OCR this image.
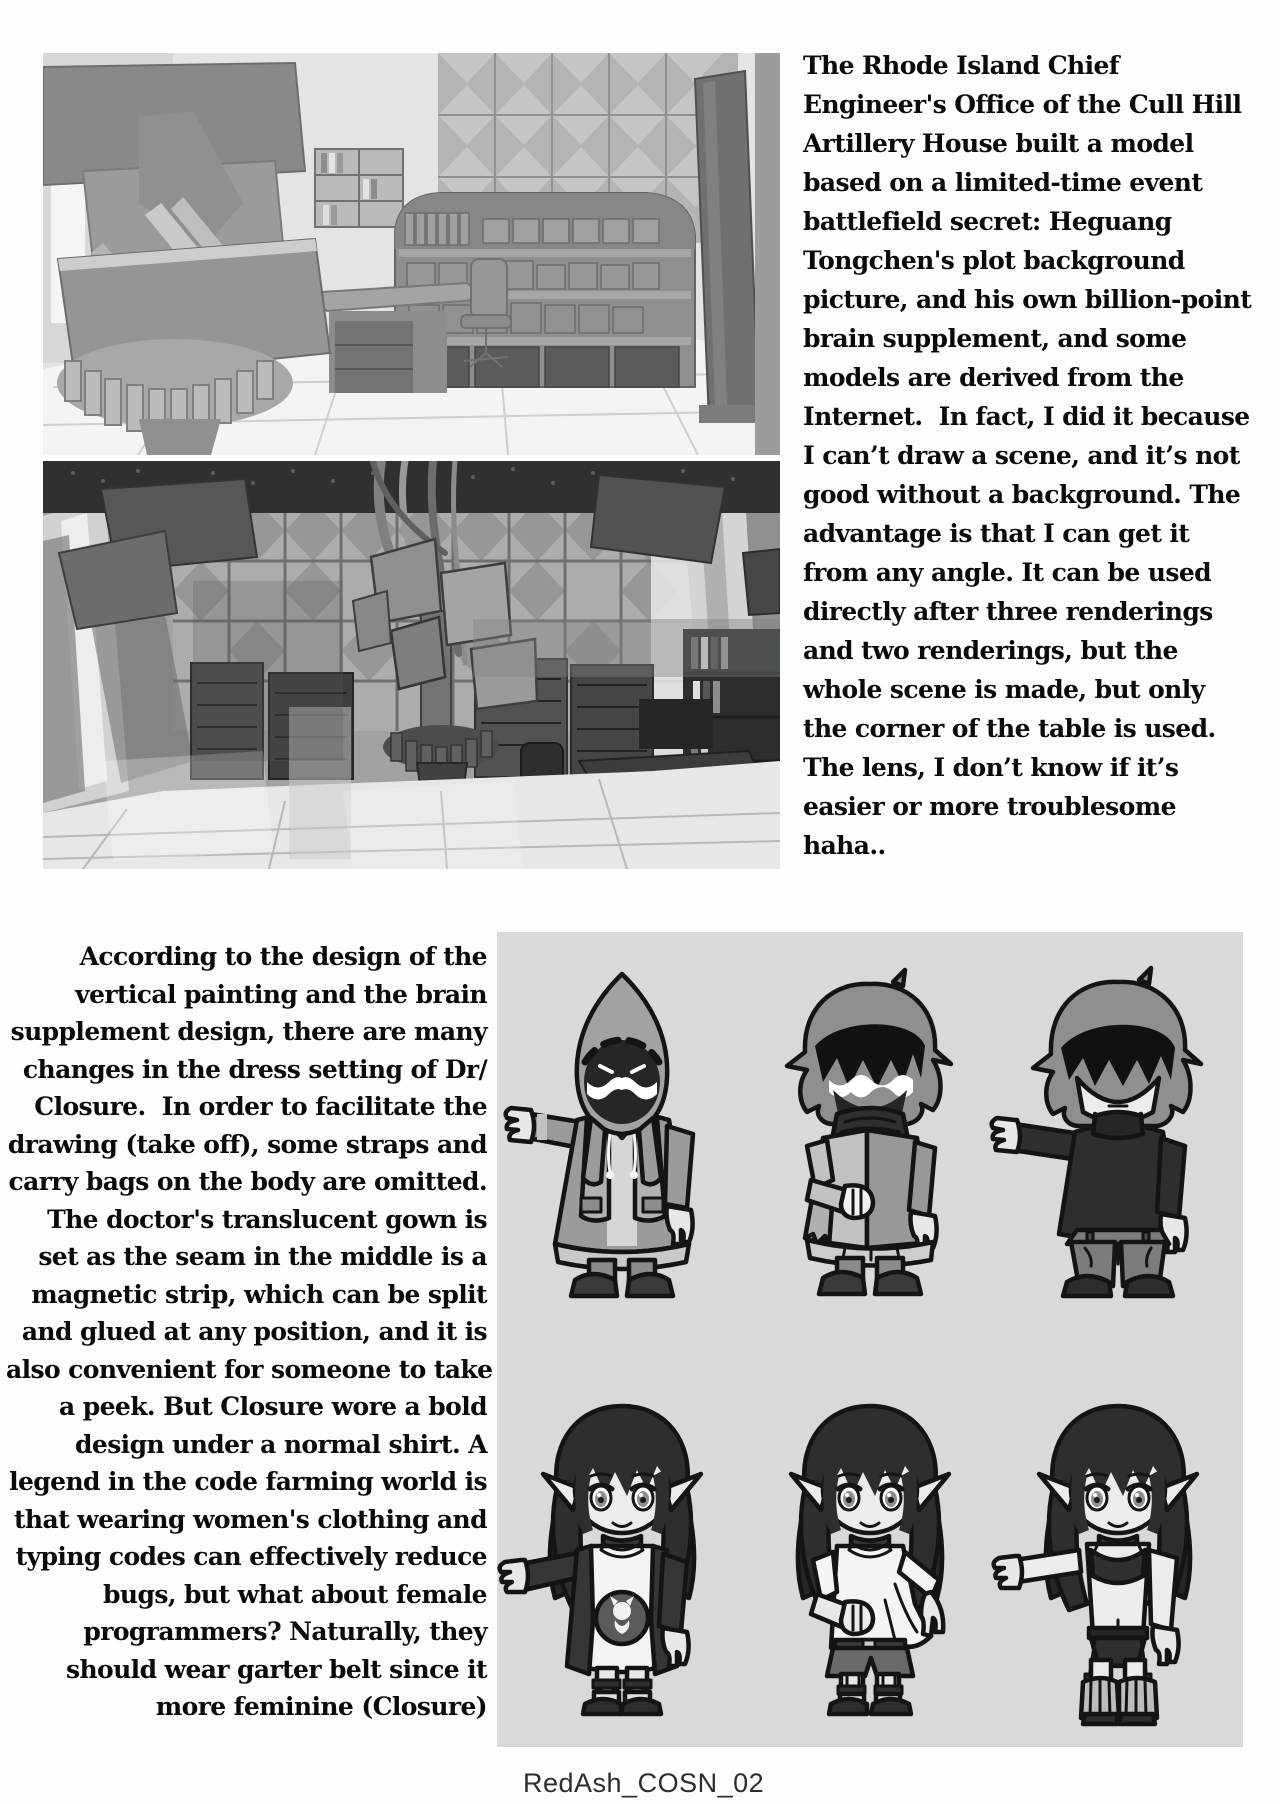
The Rhode Island Chief
Engineer's Office of the Cull Hill
Artillery House built a model
based on a limited-time event
battlefield secret: Heguang
Tongchen's plot background
picture, and his own billion-point
brain supplement, and some
models are derived from the
Internet.  In fact, I did it because
I can’t draw a scene, and it’s not
good without a background. The
advantage is that I can get it
from any angle. It can be used
directly after three renderings
and two renderings, but the
whole scene is made, but only
the corner of the table is used.
The lens, I don’t know if it’s
easier or more troublesome
haha..
According to the design of the
vertical painting and the brain
supplement design, there are many
changes in the dress setting of Dr/
Closure.  In order to facilitate the
drawing (take off), some straps and
carry bags on the body are omitted.
The doctor's translucent gown is
set as the seam in the middle is a
magnetic strip, which can be split
and glued at any position, and it is
also convenient for someone to take
a peek. But Closure wore a bold
design under a normal shirt. A
legend in the code farming world is
that wearing women's clothing and
typing codes can effectively reduce
bugs, but what about female
programmers? Naturally, they
should wear garter belt since it
more feminine (Closure)
RedAsh_COSN_02
